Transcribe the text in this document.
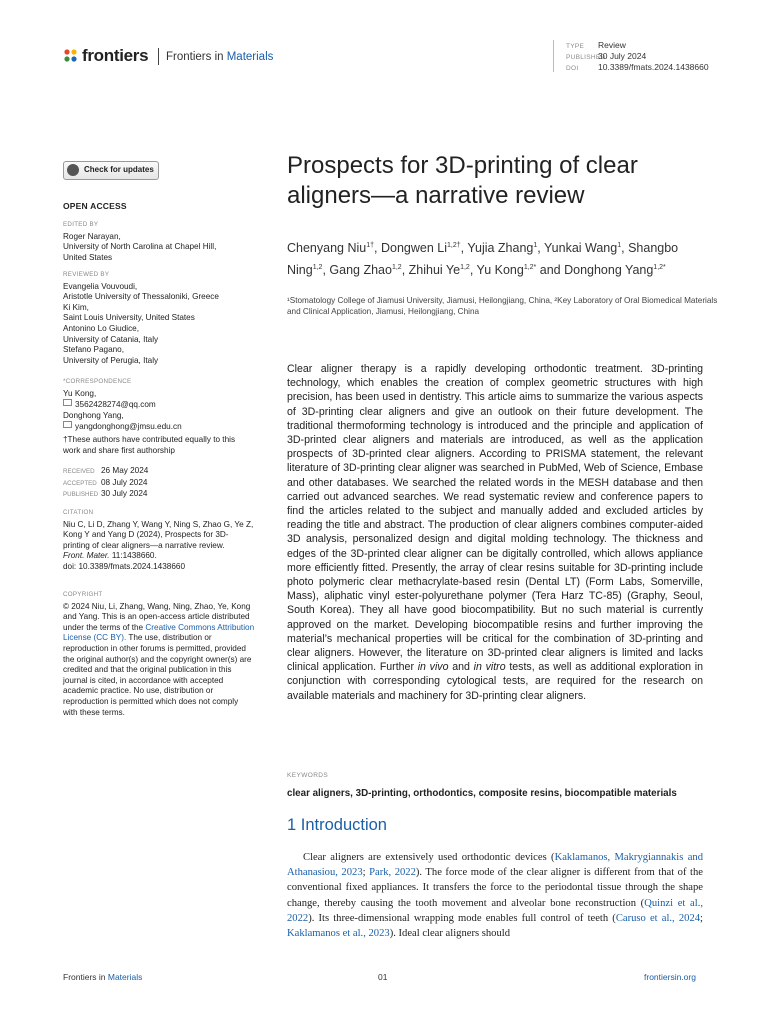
frontiers Frontiers in Materials
TYPE Review
PUBLISHED30 July 2024
DOI 10.3389/fmats.2024.1438660
Check for updates
OPEN ACCESS
EDITED BY
Roger Narayan,
University of North Carolina at Chapel Hill,
United States
REVIEWED BY
Evangelia Vouvoudi,
Aristotle University of Thessaloniki, Greece
Ki Kim,
Saint Louis University, United States
Antonino Lo Giudice,
University of Catania, Italy
Stefano Pagano,
University of Perugia, Italy
*CORRESPONDENCE
Yu Kong,
3562428274@qq.com
Donghong Yang,
yangdonghong@jmsu.edu.cn
†These authors have contributed equally to this work and share first authorship
RECEIVED 26 May 2024
ACCEPTED 08 July 2024
PUBLISHED 30 July 2024
CITATION
Niu C, Li D, Zhang Y, Wang Y, Ning S, Zhao G, Ye Z, Kong Y and Yang D (2024), Prospects for 3D-printing of clear aligners—a narrative review.
Front. Mater. 11:1438660.
doi: 10.3389/fmats.2024.1438660
COPYRIGHT
© 2024 Niu, Li, Zhang, Wang, Ning, Zhao, Ye, Kong and Yang. This is an open-access article distributed under the terms of the Creative Commons Attribution License (CC BY). The use, distribution or reproduction in other forums is permitted, provided the original author(s) and the copyright owner(s) are credited and that the original publication in this journal is cited, in accordance with accepted academic practice. No use, distribution or reproduction is permitted which does not comply with these terms.
Prospects for 3D-printing of clear aligners—a narrative review
Chenyang Niu$^{1\dagger}$, Dongwen $Li^{1,2\dagger}$, Yujia Zhang$^1$, Yunkai Wang$^1$, Shangbo Ning$^{1,2}$, Gang Zhao$^{1,2}$, Zhihui Ye$^{1,2}$, Yu Kong$^{1,2*}$ and Donghong Yang$^{1,2*}$
¹Stomatology College of Jiamusi University, Jiamusi, Heilongjiang, China, ²Key Laboratory of Oral Biomedical Materials and Clinical Application, Jiamusi, Heilongjiang, China
Clear aligner therapy is a rapidly developing orthodontic treatment. 3D-printing technology, which enables the creation of complex geometric structures with high precision, has been used in dentistry. This article aims to summarize the various aspects of 3D-printing clear aligners and give an outlook on their future development. The traditional thermoforming technology is introduced and the principle and application of 3D-printed clear aligners and materials are introduced, as well as the application prospects of 3D-printed clear aligners. According to PRISMA statement, the relevant literature of 3D-printing clear aligner was searched in PubMed, Web of Science, Embase and other databases. We searched the related words in the MESH database and then carried out advanced searches. We read systematic review and conference papers to find the articles related to the subject and manually added and excluded articles by reading the title and abstract. The production of clear aligners combines computer-aided 3D analysis, personalized design and digital molding technology. The thickness and edges of the 3D-printed clear aligner can be digitally controlled, which allows appliance more efficiently fitted. Presently, the array of clear resins suitable for 3D-printing include photo polymeric clear methacrylate-based resin (Dental LT) (Form Labs, Somerville, Mass), aliphatic vinyl ester-polyurethane polymer (Tera Harz TC-85) (Graphy, Seoul, South Korea). They all have good biocompatibility. But no such material is currently approved on the market. Developing biocompatible resins and further improving the material’s mechanical properties will be critical for the combination of 3D-printing and clear aligners. However, the literature on 3D-printed clear aligners is limited and lacks clinical application. Further in vivo and in vitro tests, as well as additional exploration in conjunction with corresponding cytological tests, are required for the research on available materials and machinery for 3D-printing clear aligners.
KEYWORDS
clear aligners, 3D-printing, orthodontics, composite resins, biocompatible materials
1 Introduction
Clear aligners are extensively used orthodontic devices (Kaklamanos, Makrygiannakis and Athanasiou, 2023; Park, 2022). The force mode of the clear aligner is different from that of the conventional fixed appliances. It transfers the force to the periodontal tissue through the shape change, thereby causing the tooth movement and alveolar bone reconstruction (Quinzi et al., 2022). Its three-dimensional wrapping mode enables full control of teeth (Caruso et al., 2024; Kaklamanos et al., 2023). Ideal clear aligners should
Frontiers in Materials	01	frontiersin.org
